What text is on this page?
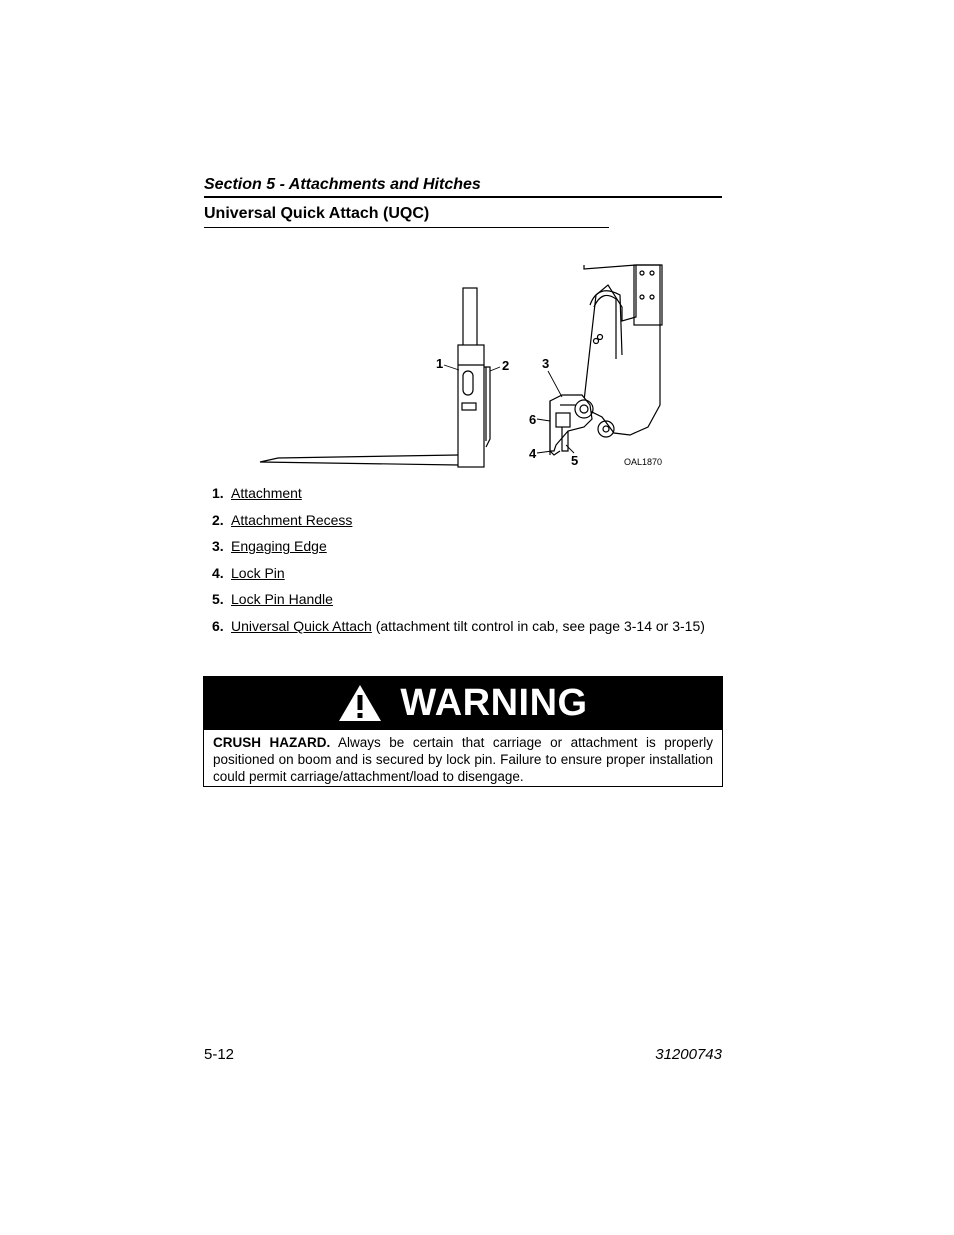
Section 5 - Attachments and Hitches
Universal Quick Attach (UQC)
1	2	3
6
4	5	OAL1870
1. Attachment
2. Attachment Recess
3. Engaging Edge
4. Lock Pin
5. Lock Pin Handle
6. Universal Quick Attach (attachment tilt control in cab, see page 3-14 or 3-15)
WARNING
CRUSH HAZARD. Always be certain that carriage or attachment is properly positioned on boom and is secured by lock pin. Failure to ensure proper installation could permit carriage/attachment/load to disengage.
5-12	31200743
